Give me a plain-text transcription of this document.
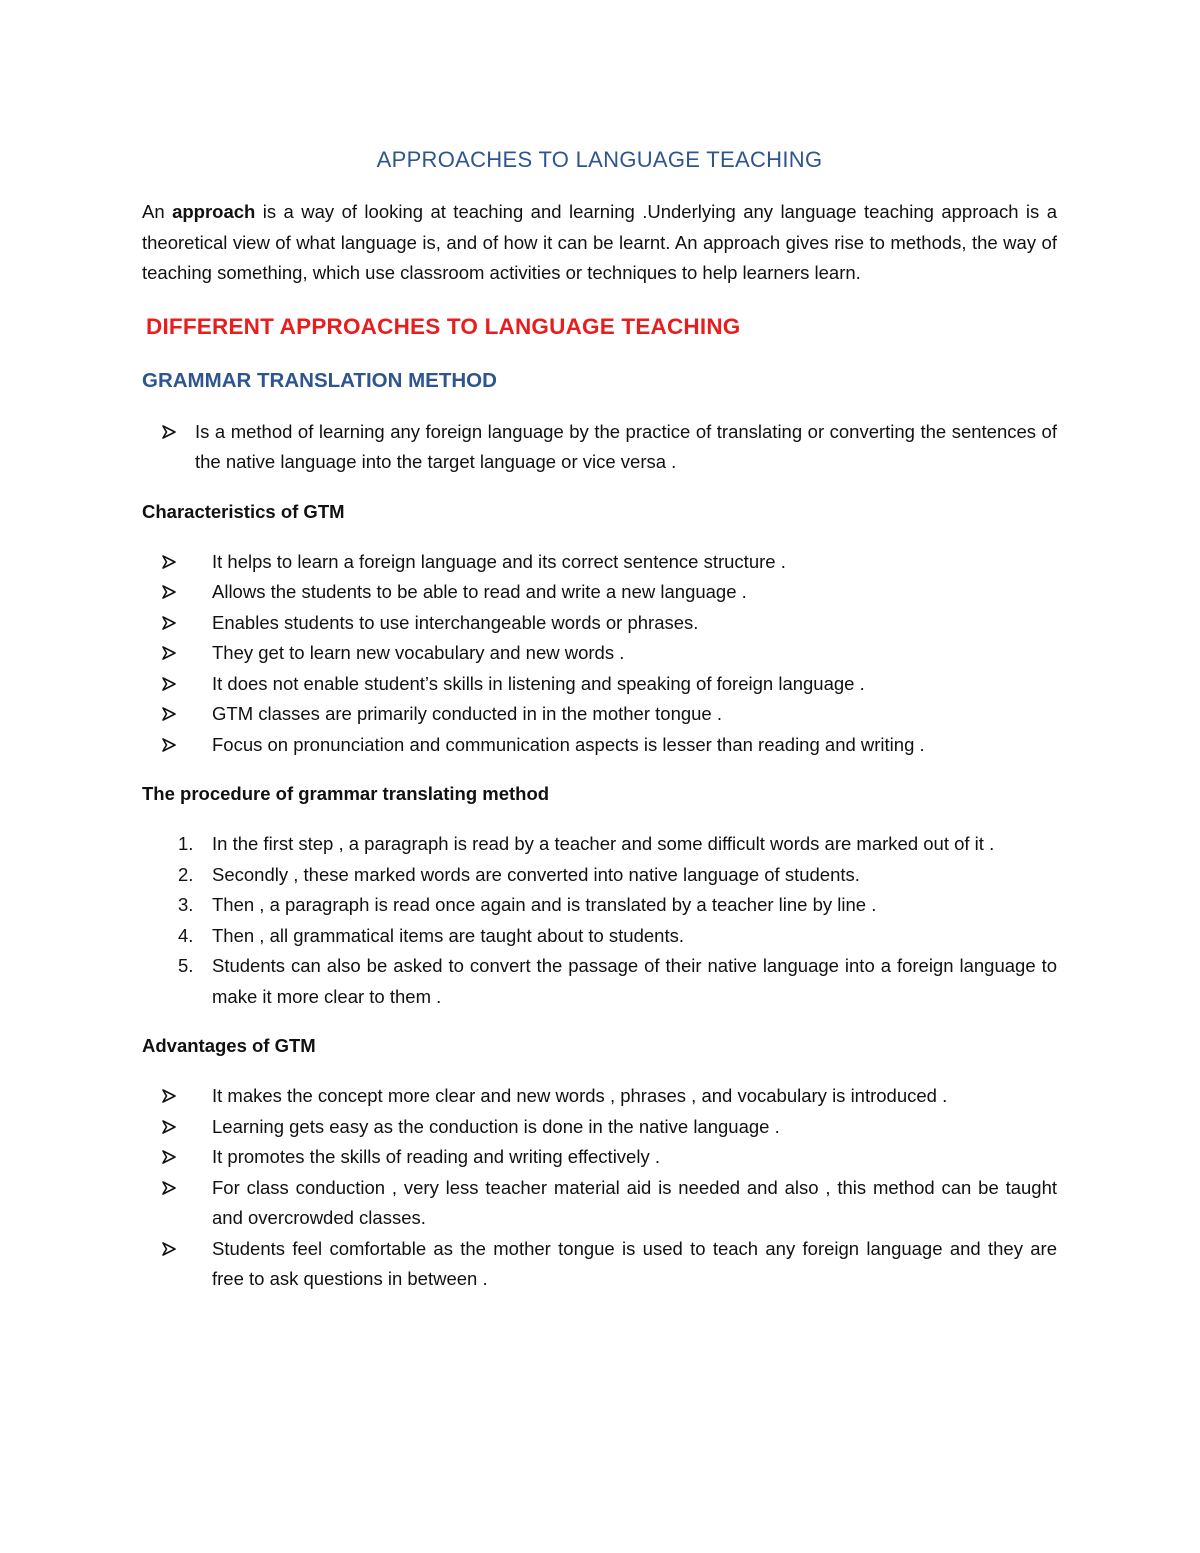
APPROACHES TO LANGUAGE TEACHING

An approach is a way of looking at teaching and learning .Underlying any language teaching approach is a theoretical view of what language is, and of how it can be learnt. An approach gives rise to methods, the way of teaching something, which use classroom activities or techniques to help learners learn.

DIFFERENT APPROACHES TO LANGUAGE TEACHING
GRAMMAR TRANSLATION METHOD
Is a method of learning any foreign language by the practice of translating or converting the sentences of the native language into the target language or vice versa .
Characteristics of GTM
It helps to learn a foreign language and its correct sentence structure .
Allows the students to be able to read and write a new language .
Enables students to use interchangeable words or phrases.
They get to learn new vocabulary and new words .
It does not enable student’s skills in listening and speaking of foreign language .
GTM classes are primarily conducted in in the mother tongue .
Focus on pronunciation and communication aspects is lesser than reading and writing .
The procedure of grammar translating method
1.	In the first step , a paragraph is read by a teacher and some difficult words are marked out of it .
2.	Secondly , these marked words are converted into native language of students.
3.	Then , a paragraph is read once again and is translated by a teacher line by line .
4.	Then , all grammatical items are taught about to students.
5.	Students can also be asked to convert the passage of their native language into a foreign language to make it more clear to them .
Advantages of GTM
It makes the concept more clear and new words , phrases , and vocabulary is introduced .
Learning gets easy as the conduction is done in the native language .
It promotes the skills of reading and writing effectively .
For class conduction , very less teacher material aid is needed and also , this method can be taught and overcrowded classes.
Students feel comfortable as the mother tongue is used to teach any foreign language and they are free to ask questions in between .
